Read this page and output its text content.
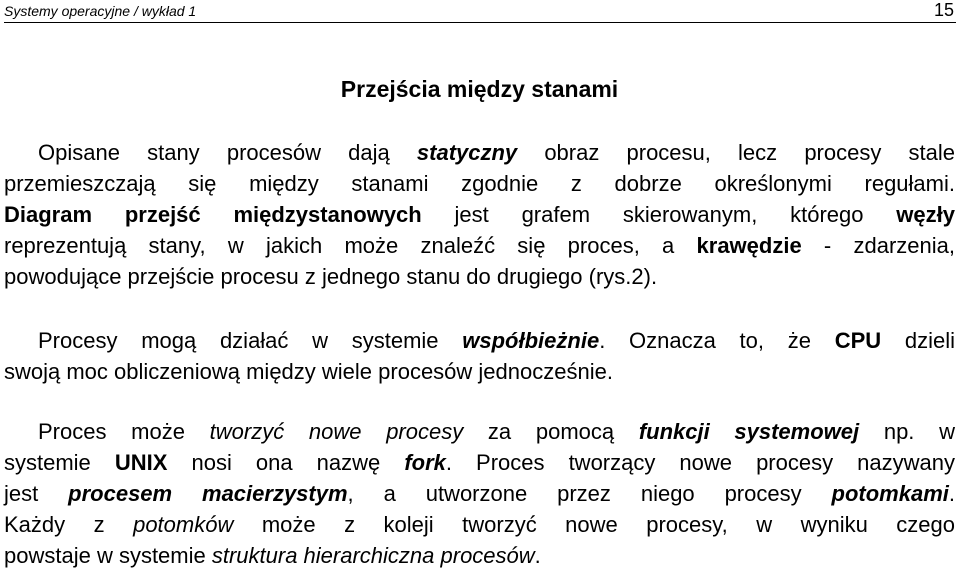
Systemy operacyjne / wykład 1	15
Przejścia między stanami
Opisane stany procesów dają statyczny obraz procesu, lecz procesy stale
przemieszczają się między stanami zgodnie z dobrze określonymi regułami.
Diagram przejść międzystanowych jest grafem skierowanym, którego węzły
reprezentują stany, w jakich może znaleźć się proces, a krawędzie - zdarzenia,
powodujące przejście procesu z jednego stanu do drugiego (rys.2).
Procesy mogą działać w systemie współbieżnie. Oznacza to, że CPU dzieli
swoją moc obliczeniową między wiele procesów jednocześnie.
Proces może tworzyć nowe procesy za pomocą funkcji systemowej np. w
systemie UNIX nosi ona nazwę fork. Proces tworzący nowe procesy nazywany
jest procesem macierzystym, a utworzone przez niego procesy potomkami.
Każdy z potomków może z koleji tworzyć nowe procesy, w wyniku czego
powstaje w systemie struktura hierarchiczna procesów.
